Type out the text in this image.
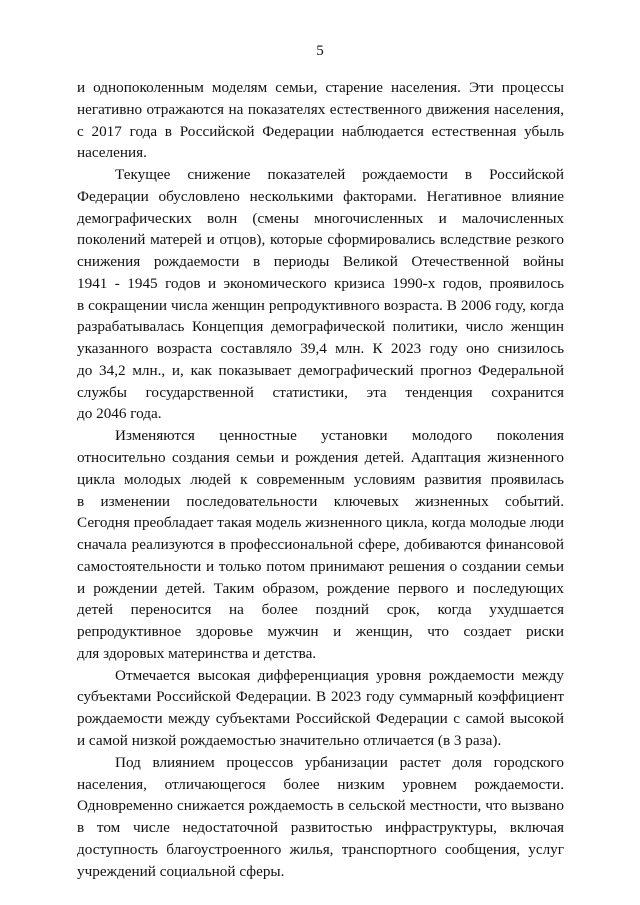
5
и однопоколенным моделям семьи, старение населения. Эти процессы
негативно отражаются на показателях естественного движения населения,
с 2017 года в Российской Федерации наблюдается естественная убыль
населения.
Текущее снижение показателей рождаемости в Российской
Федерации обусловлено несколькими факторами. Негативное влияние
демографических волн (смены многочисленных и малочисленных
поколений матерей и отцов), которые сформировались вследствие резкого
снижения рождаемости в периоды Великой Отечественной войны
1941 - 1945 годов и экономического кризиса 1990-х годов, проявилось
в сокращении числа женщин репродуктивного возраста. В 2006 году, когда
разрабатывалась Концепция демографической политики, число женщин
указанного возраста составляло 39,4 млн. К 2023 году оно снизилось
до 34,2 млн., и, как показывает демографический прогноз Федеральной
службы государственной статистики, эта тенденция сохранится
до 2046 года.
Изменяются ценностные установки молодого поколения
относительно создания семьи и рождения детей. Адаптация жизненного
цикла молодых людей к современным условиям развития проявилась
в изменении последовательности ключевых жизненных событий.
Сегодня преобладает такая модель жизненного цикла, когда молодые люди
сначала реализуются в профессиональной сфере, добиваются финансовой
самостоятельности и только потом принимают решения о создании семьи
и рождении детей. Таким образом, рождение первого и последующих
детей переносится на более поздний срок, когда ухудшается
репродуктивное здоровье мужчин и женщин, что создает риски
для здоровых материнства и детства.
Отмечается высокая дифференциация уровня рождаемости между
субъектами Российской Федерации. В 2023 году суммарный коэффициент
рождаемости между субъектами Российской Федерации с самой высокой
и самой низкой рождаемостью значительно отличается (в 3 раза).
Под влиянием процессов урбанизации растет доля городского
населения, отличающегося более низким уровнем рождаемости.
Одновременно снижается рождаемость в сельской местности, что вызвано
в том числе недостаточной развитостью инфраструктуры, включая
доступность благоустроенного жилья, транспортного сообщения, услуг
учреждений социальной сферы.
